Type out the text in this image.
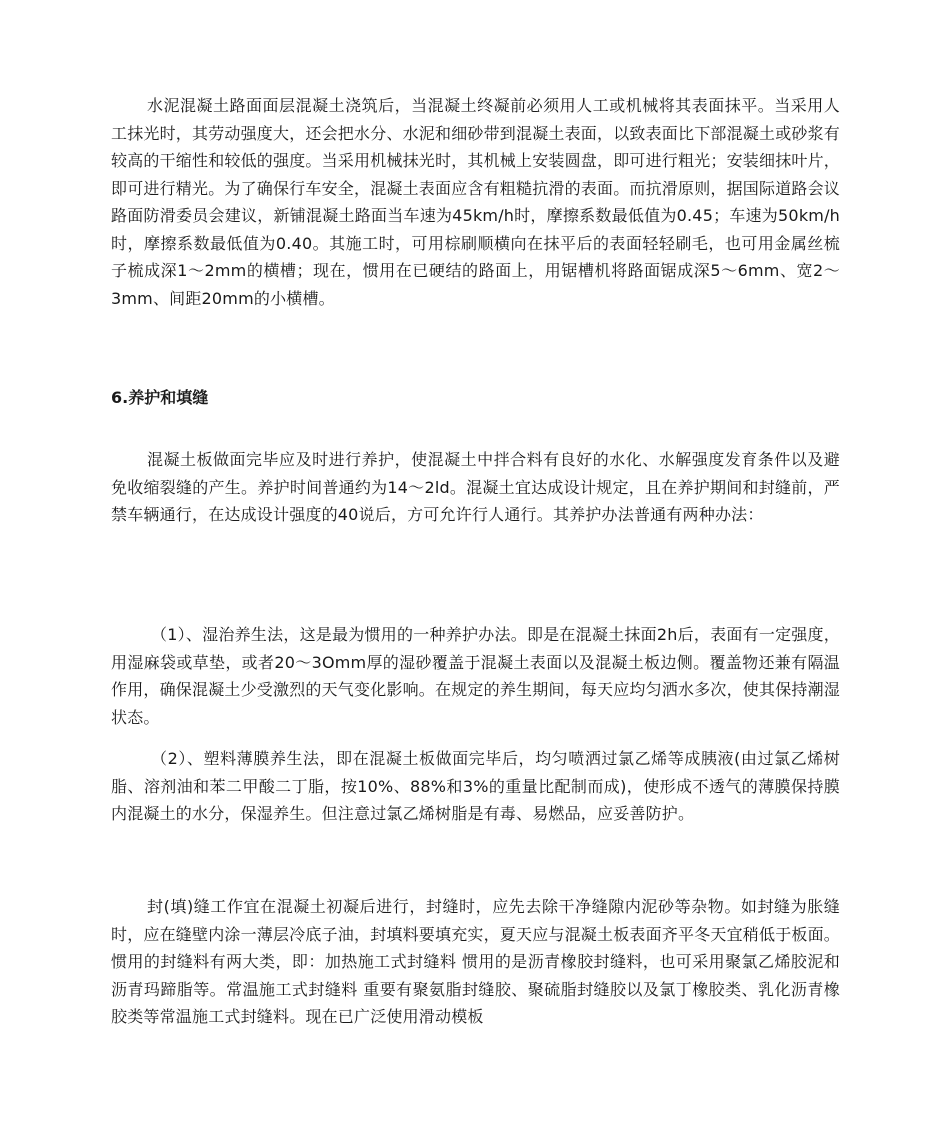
水泥混凝土路面面层混凝土浇筑后，当混凝土终凝前必须用人工或机械将其表面抹平。当采用人工抹光时，其劳动强度大，还会把水分、水泥和细砂带到混凝土表面，以致表面比下部混凝土或砂浆有较高的干缩性和较低的强度。当采用机械抹光时，其机械上安装圆盘，即可进行粗光；安装细抹叶片，即可进行精光。为了确保行车安全，混凝土表面应含有粗糙抗滑的表面。而抗滑原则，据国际道路会议路面防滑委员会建议，新铺混凝土路面当车速为45km/h时，摩擦系数最低值为0.45；车速为50km/h时，摩擦系数最低值为0.40。其施工时，可用棕刷顺横向在抹平后的表面轻轻刷毛，也可用金属丝梳子梳成深1～2mm的横槽；现在，惯用在已硬结的路面上，用锯槽机将路面锯成深5～6mm、宽2～3mm、间距20mm的小横槽。

6.养护和填缝

混凝土板做面完毕应及时进行养护，使混凝土中拌合料有良好的水化、水解强度发育条件以及避免收缩裂缝的产生。养护时间普通约为14～2ld。混凝土宜达成设计规定，且在养护期间和封缝前，严禁车辆通行，在达成设计强度的40说后，方可允许行人通行。其养护办法普通有两种办法：

（1）、湿治养生法，这是最为惯用的一种养护办法。即是在混凝土抹面2h后，表面有一定强度，用湿麻袋或草垫，或者20～3Omm厚的湿砂覆盖于混凝土表面以及混凝土板边侧。覆盖物还兼有隔温作用，确保混凝土少受激烈的天气变化影响。在规定的养生期间，每天应均匀洒水多次，使其保持潮湿状态。

（2）、塑料薄膜养生法，即在混凝土板做面完毕后，均匀喷洒过氯乙烯等成胰液(由过氯乙烯树脂、溶剂油和苯二甲酸二丁脂，按10%、88%和3%的重量比配制而成)，使形成不透气的薄膜保持膜内混凝土的水分，保湿养生。但注意过氯乙烯树脂是有毒、易燃品，应妥善防护。

封(填)缝工作宜在混凝土初凝后进行，封缝时，应先去除干净缝隙内泥砂等杂物。如封缝为胀缝时，应在缝壁内涂一薄层冷底子油，封填料要填充实，夏天应与混凝土板表面齐平冬天宜稍低于板面。惯用的封缝料有两大类，即：加热施工式封缝料 惯用的是沥青橡胶封缝料，也可采用聚氯乙烯胶泥和沥青玛蹄脂等。常温施工式封缝料 重要有聚氨脂封缝胶、聚硫脂封缝胶以及氯丁橡胶类、乳化沥青橡胶类等常温施工式封缝料。现在已广泛使用滑动模板
